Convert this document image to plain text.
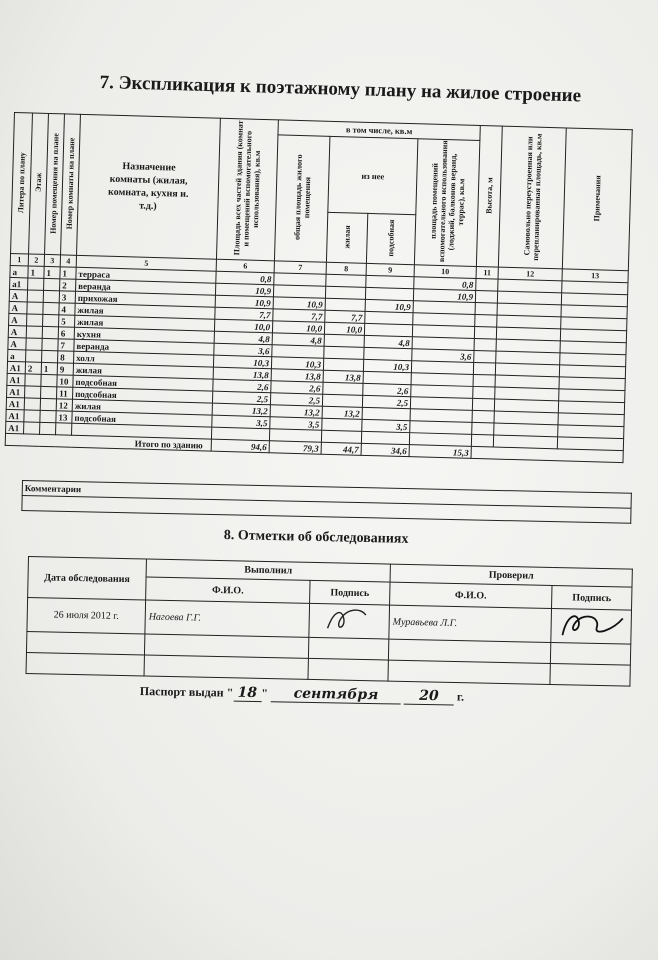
7. Экспликация к поэтажному плану на жилое строение
Литера по плану	Этаж	Номер помещения на плане	Номер комнаты на плане	Назначение комнаты (жилая, комната, кухня и. т.д.)	Площадь всех частей здания (комнат и помещений вспомогательного использования), кв.м	в том числе, кв.м				Высота, м	Самовольно переустроенная или перепланированная площадь, кв.м	Примечания
						общая площадь жилого помещения	из нее		площадь помещений вспомогательного использования (лоджий, балконов веранд, террас), кв.м			
							жилая	подсобная				
1	2	3	4	5	6	7	8	9	10	11	12	13
а	1	1	1	терраса	0,8				0,8			
а1			2	веранда	10,9				10,9			
А			3	прихожая	10,9	10,9		10,9				
А			4	жилая	7,7	7,7	7,7					
А			5	жилая	10,0	10,0	10,0					
А			6	кухня	4,8	4,8		4,8				
А			7	веранда	3,6				3,6			
а			8	холл	10,3	10,3		10,3				
А1	2	1	9	жилая	13,8	13,8	13,8					
А1			10	подсобная	2,6	2,6		2,6				
А1			11	подсобная	2,5	2,5		2,5				
А1			12	жилая	13,2	13,2	13,2					
А1			13	подсобная	3,5	3,5		3,5				
А1												
Итого по зданию					94,6	79,3	44,7	34,6	15,3			
Комментарии

8. Отметки об обследованиях
Дата обследования	Выполнил		Проверил	
	Ф.И.О.	Подпись	Ф.И.О.	Подпись
26 июля 2012 г.	Нагоева Г.Г.		Муравьева Л.Г.	

Паспорт выдан " 18 " сентября	20 г.
